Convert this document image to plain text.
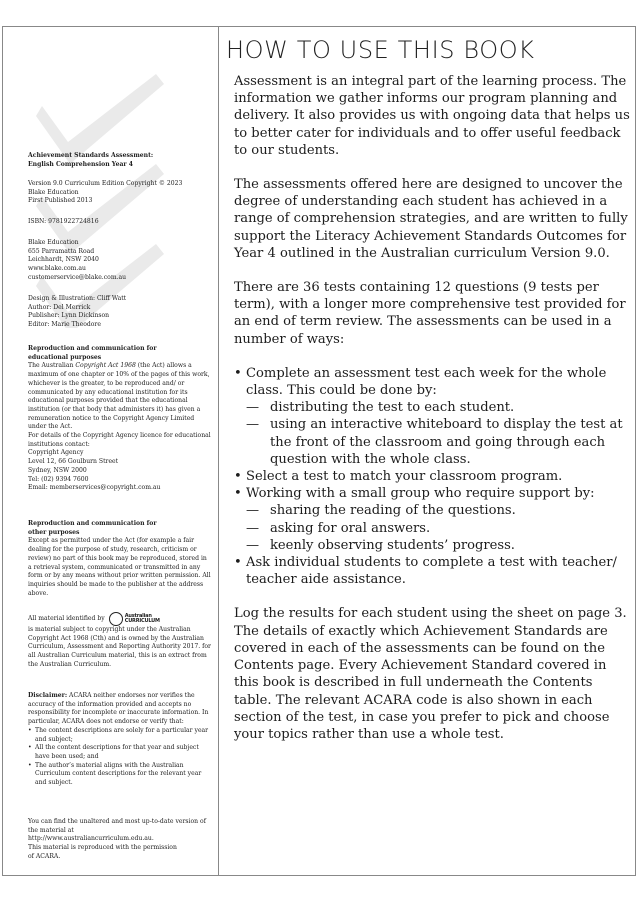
Achievement Standards Assessment:

English Comprehension Year 4

Version 9.0 Curriculum Edition Copyright © 2023

Blake Education

First Published 2013

ISBN: 9781922724816

Blake Education

655 Parramatta Road

Leichhardt, NSW 2040

www.blake.com.au

customerservice@blake.com.au

Design & Illustration: Cliff Watt

Author: Del Merrick

Publisher: Lynn Dickinson

Editor: Marie Theodore

Reproduction and communication for

educational purposes

The Australian Copyright Act 1968 (the Act) allows a maximum of one chapter or 10% of the pages of this work, whichever is the greater, to be reproduced and/ or communicated by any educational institution for its educational purposes provided that the educational institution (or that body that administers it) has given a remuneration notice to the Copyright Agency Limited under the Act.

For details of the Copyright Agency licence for educational institutions contact:

Copyright Agency

Level 12, 66 Goulburn Street

Sydney, NSW 2000

Tel: (02) 9394 7600

Email: memberservices@copyright.com.au

Reproduction and communication for

other purposes

Except as permitted under the Act (for example a fair dealing for the purpose of study, research, criticism or review) no part of this book may be reproduced, stored in a retrieval system, communicated or transmitted in any form or by any means without prior written permission. All inquiries should be made to the publisher at the address above.

All material identified by	Australian
CURRICULUM

is material subject to copyright under the Australian Copyright Act 1968 (Cth) and is owned by the Australian Curriculum, Assessment and Reporting Authority 2017. for all Australian Curriculum material, this is an extract from the Australian Curriculum.

Disclaimer: ACARA neither endorses nor verifies the accuracy of the information provided and accepts no responsibility for incomplete or inaccurate information. In particular, ACARA does not endorse or verify that:

• The content descriptions are solely for a particular year and subject;
• All the content descriptions for that year and subject have been used; and
• The author’s material aligns with the Australian Curriculum content descriptions for the relevant year and subject.

You can find the unaltered and most up-to-date version of the material at

http://www.australiancurriculum.edu.au.

This material is reproduced with the permission

of ACARA.

HOW TO USE THIS BOOK

Assessment is an integral part of the learning process. The information we gather informs our program planning and delivery. It also provides us with ongoing data that helps us to better cater for individuals and to offer useful feedback to our students.

The assessments offered here are designed to uncover the degree of understanding each student has achieved in a range of comprehension strategies, and are written to fully support the Literacy Achievement Standards Outcomes for Year 4 outlined in the Australian curriculum Version 9.0.

There are 36 tests containing 12 questions (9 tests per term), with a longer more comprehensive test provided for an end of term review. The assessments can be used in a number of ways:

• Complete an assessment test each week for the whole class. This could be done by:
— distributing the test to each student.
— using an interactive whiteboard to display the test at the front of the classroom and going through each question with the whole class.
• Select a test to match your classroom program.
• Working with a small group who require support by:
— sharing the reading of the questions.
— asking for oral answers.
— keenly observing students’ progress.
• Ask individual students to complete a test with teacher/ teacher aide assistance.

Log the results for each student using the sheet on page 3. The details of exactly which Achievement Standards are covered in each of the assessments can be found on the Contents page. Every Achievement Standard covered in this book is described in full underneath the Contents table. The relevant ACARA code is also shown in each section of the test, in case you prefer to pick and choose your topics rather than use a whole test.
